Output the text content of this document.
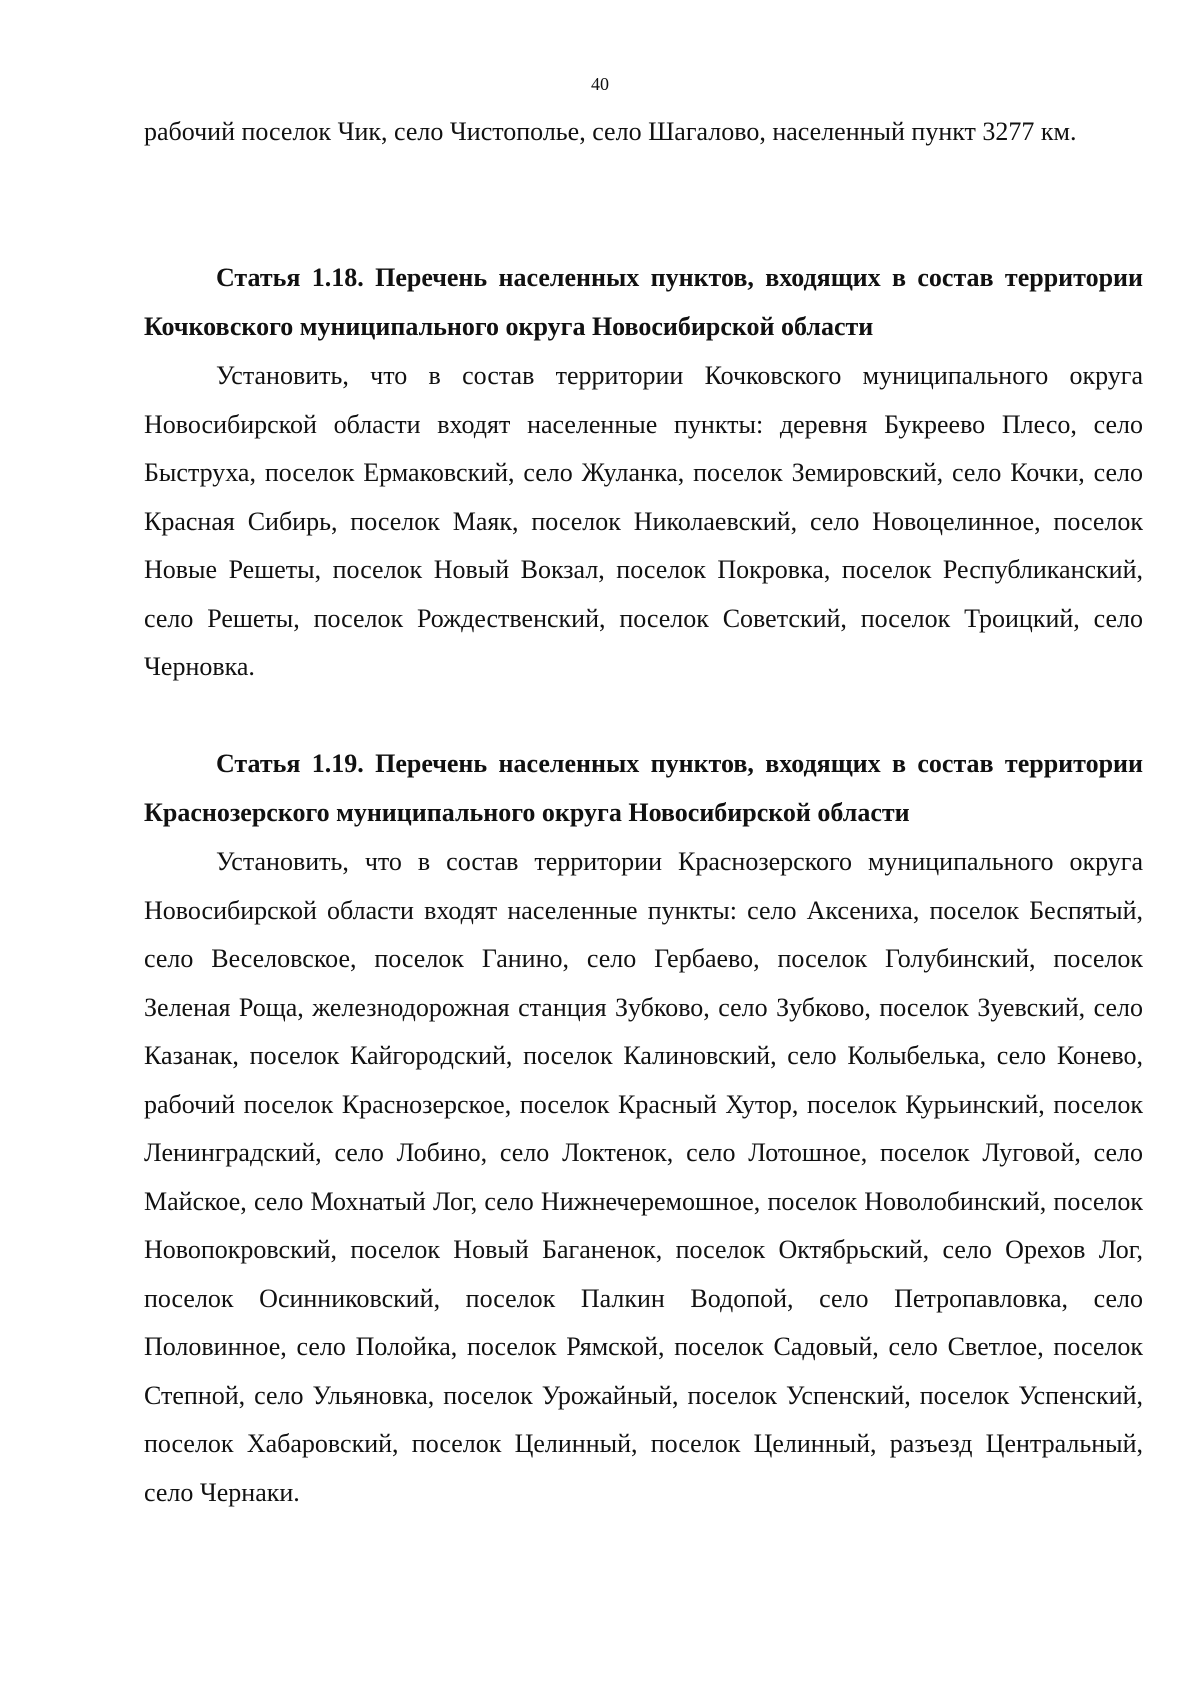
40

рабочий поселок Чик, село Чистополье, село Шагалово, населенный пункт 3277 км.

Статья 1.18. Перечень населенных пунктов, входящих в состав территории Кочковского муниципального округа Новосибирской области

Установить, что в состав территории Кочковского муниципального округа Новосибирской области входят населенные пункты: деревня Букреево Плесо, село Быструха, поселок Ермаковский, село Жуланка, поселок Земировский, село Кочки, село Красная Сибирь, поселок Маяк, поселок Николаевский, село Новоцелинное, поселок Новые Решеты, поселок Новый Вокзал, поселок Покровка, поселок Республиканский, село Решеты, поселок Рождественский, поселок Советский, поселок Троицкий, село Черновка.

Статья 1.19. Перечень населенных пунктов, входящих в состав территории Краснозерского муниципального округа Новосибирской области

Установить, что в состав территории Краснозерского муниципального округа Новосибирской области входят населенные пункты: село Аксениха, поселок Беспятый, село Веселовское, поселок Ганино, село Гербаево, поселок Голубинский, поселок Зеленая Роща, железнодорожная станция Зубково, село Зубково, поселок Зуевский, село Казанак, поселок Кайгородский, поселок Калиновский, село Колыбелька, село Конево, рабочий поселок Краснозерское, поселок Красный Хутор, поселок Курьинский, поселок Ленинградский, село Лобино, село Локтенок, село Лотошное, поселок Луговой, село Майское, село Мохнатый Лог, село Нижнечеремошное, поселок Новолобинский, поселок Новопокровский, поселок Новый Баганенок, поселок Октябрьский, село Орехов Лог, поселок Осинниковский, поселок Палкин Водопой, село Петропавловка, село Половинное, село Полойка, поселок Рямской, поселок Садовый, село Светлое, поселок Степной, село Ульяновка, поселок Урожайный, поселок Успенский, поселок Успенский, поселок Хабаровский, поселок Целинный, поселок Целинный, разъезд Центральный, село Чернаки.
